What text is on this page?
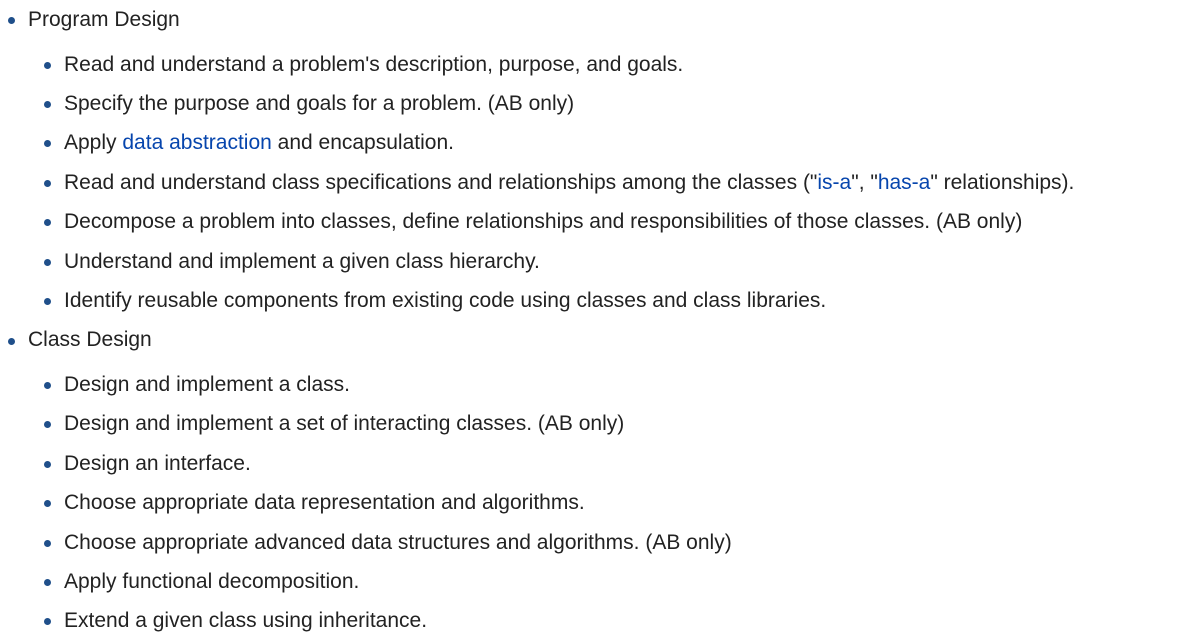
Program Design
Read and understand a problem's description, purpose, and goals.
Specify the purpose and goals for a problem. (AB only)
Apply data abstraction and encapsulation.
Read and understand class specifications and relationships among the classes ("is-a", "has-a" relationships).
Decompose a problem into classes, define relationships and responsibilities of those classes. (AB only)
Understand and implement a given class hierarchy.
Identify reusable components from existing code using classes and class libraries.
Class Design
Design and implement a class.
Design and implement a set of interacting classes. (AB only)
Design an interface.
Choose appropriate data representation and algorithms.
Choose appropriate advanced data structures and algorithms. (AB only)
Apply functional decomposition.
Extend a given class using inheritance.
